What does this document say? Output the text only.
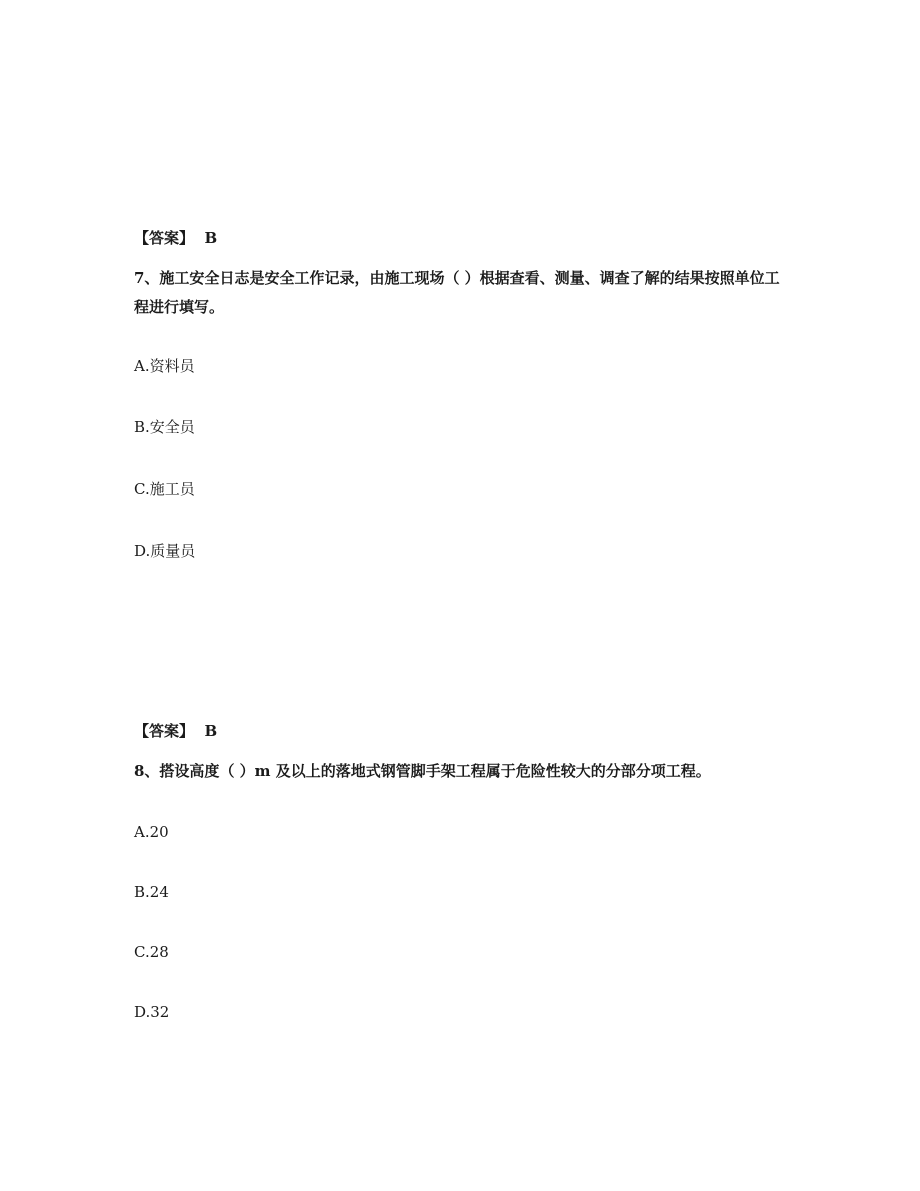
【答案】  B
7、施工安全日志是安全工作记录，由施工现场（ ）根据查看、测量、调查了解的结果按照单位工程进行填写。
A.资料员
B.安全员
C.施工员
D.质量员
【答案】  B
8、搭设高度（ ）m 及以上的落地式钢管脚手架工程属于危险性较大的分部分项工程。
A.20
B.24
C.28
D.32
